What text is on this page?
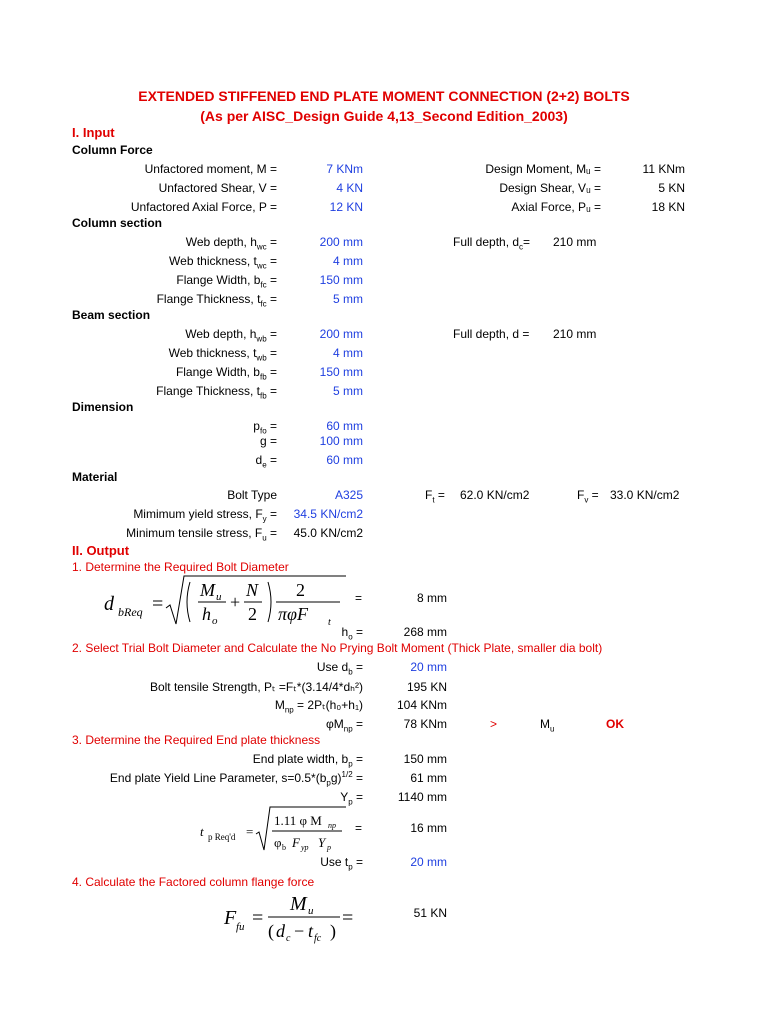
EXTENDED STIFFENED END PLATE MOMENT CONNECTION (2+2) BOLTS
(As per AISC_Design Guide 4,13_Second Edition_2003)
I. Input
Column Force
Unfactored moment, M =	7 KNm	Design Moment, Mᵤ =	11 KNm
Unfactored Shear, V =	4 KN	Design Shear, Vᵤ =	5 KN
Unfactored Axial Force, P =	12 KN	Axial Force, Pᵤ =	18 KN
Column section
Web depth, $h_{wc}$ =	200 mm	Full depth, $d_c= 210$ mm
Web thickness, $t_{wc}$ =	4 mm
Flange Width, $b_{fc}$ =	150 mm
Flange Thickness, $t_{fc}$ =	5 mm
Beam section
Web depth, $h_{wb}$ =	200 mm	Full depth, d = 210 mm
Web thickness, $t_{wb}$ =	4 mm
Flange Width, $b_{fb}$ =	150 mm
Flange Thickness, $t_{fb}$ =	5 mm
Dimension
$p_{fo}$ =	60 mm
g =	100 mm
$d_e$ =	60 mm
Material
Bolt Type	A325	$F_t = 62.0$ KN/cm2	$F_v = 33.0$ KN/cm2
Mimimum yield stress, $F_y$ =	34.5 KN/cm2
Minimum tensile stress, $F_u$ =	45.0 KN/cm2
II. Output
1. Determine the Required Bolt Diameter
d bReq =
M u
h o
+
N
2
2
πφF t
=	8 mm
$h_o$ =	268 mm
2. Select Trial Bolt Diameter and Calculate the No Prying Bolt Moment (Thick Plate, smaller dia bolt)
Use $d_b$ =	20 mm
Bolt tensile Strength, Pₜ =Fₜ*(3.14/4*dₕ²)	195 KN
$M_{np} = 2P_t(h_0+h_1)$	104 KNm
$\varphi M_{np}$ =	78 KNm	>	$M_u$	OK
3. Determine the Required End plate thickness
End plate width, $b_p$ =	150 mm
End plate Yield Line Parameter, $s=0.5*(b_pg)^{1/2}$ =	61 mm
$Y_p$ =	1140 mm
t p Req'd =
1.11 φ M np
φ b F yp Y p
=	16 mm
Use $t_p$ =	20 mm
4. Calculate the Factored column flange force
F fu =
M u
( d c − t fc )
=	51 KN
